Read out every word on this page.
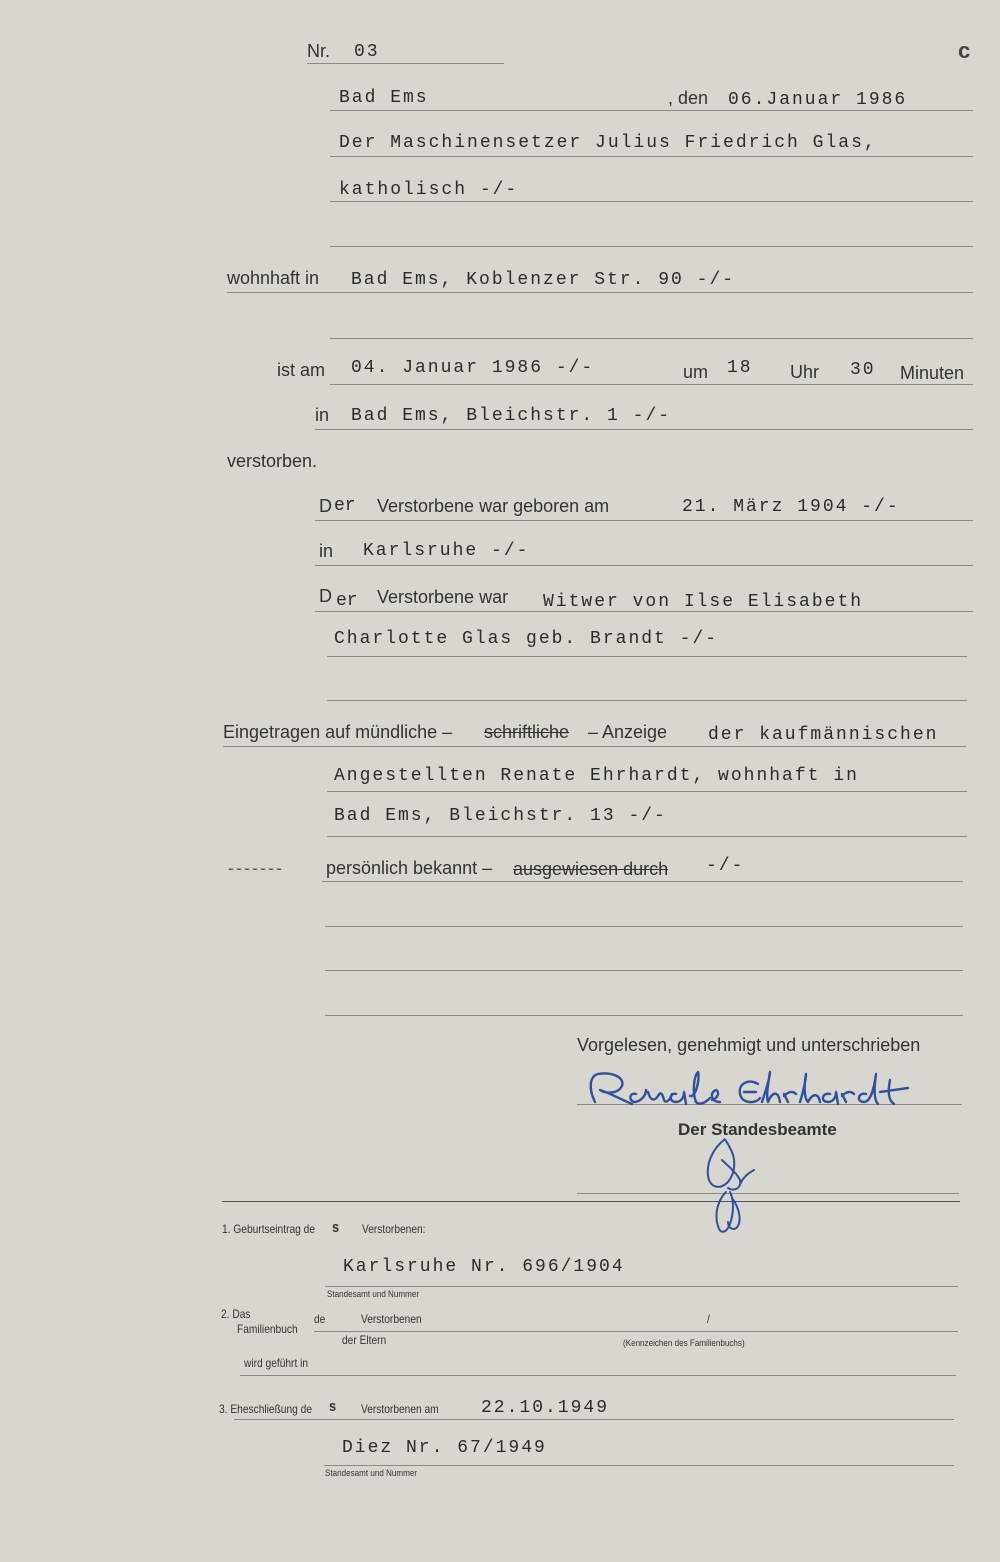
Nr. 03	c
Bad Ems	, den 06.Januar 1986
Der Maschinensetzer Julius Friedrich Glas,
katholisch -/-
wohnhaft in Bad Ems, Koblenzer Str. 90 -/-
ist am 04. Januar 1986 -/-	um 18 Uhr 30 Minuten
in Bad Ems, Bleichstr. 1 -/-
verstorben.
D er Verstorbene war geboren am	21. März 1904 -/-
in Karlsruhe -/-
D er Verstorbene war Witwer von Ilse Elisabeth
Charlotte Glas geb. Brandt -/-
Eingetragen auf mündliche – schriftliche – Anzeige der kaufmännischen
Angestellten Renate Ehrhardt, wohnhaft in
Bad Ems, Bleichstr. 13 -/-
------- persönlich bekannt – ausgewiesen durch -/-
Vorgelesen, genehmigt und unterschrieben
Der Standesbeamte
1. Geburtseintrag de s Verstorbenen:
Karlsruhe Nr. 696/1904
Standesamt und Nummer
2. Das
Familienbuch
de	Verstorbenen
der Eltern
/
(Kennzeichen des Familienbuchs)
wird geführt in
3. Eheschließung de s Verstorbenen am 22.10.1949
Diez Nr. 67/1949
Standesamt und Nummer
